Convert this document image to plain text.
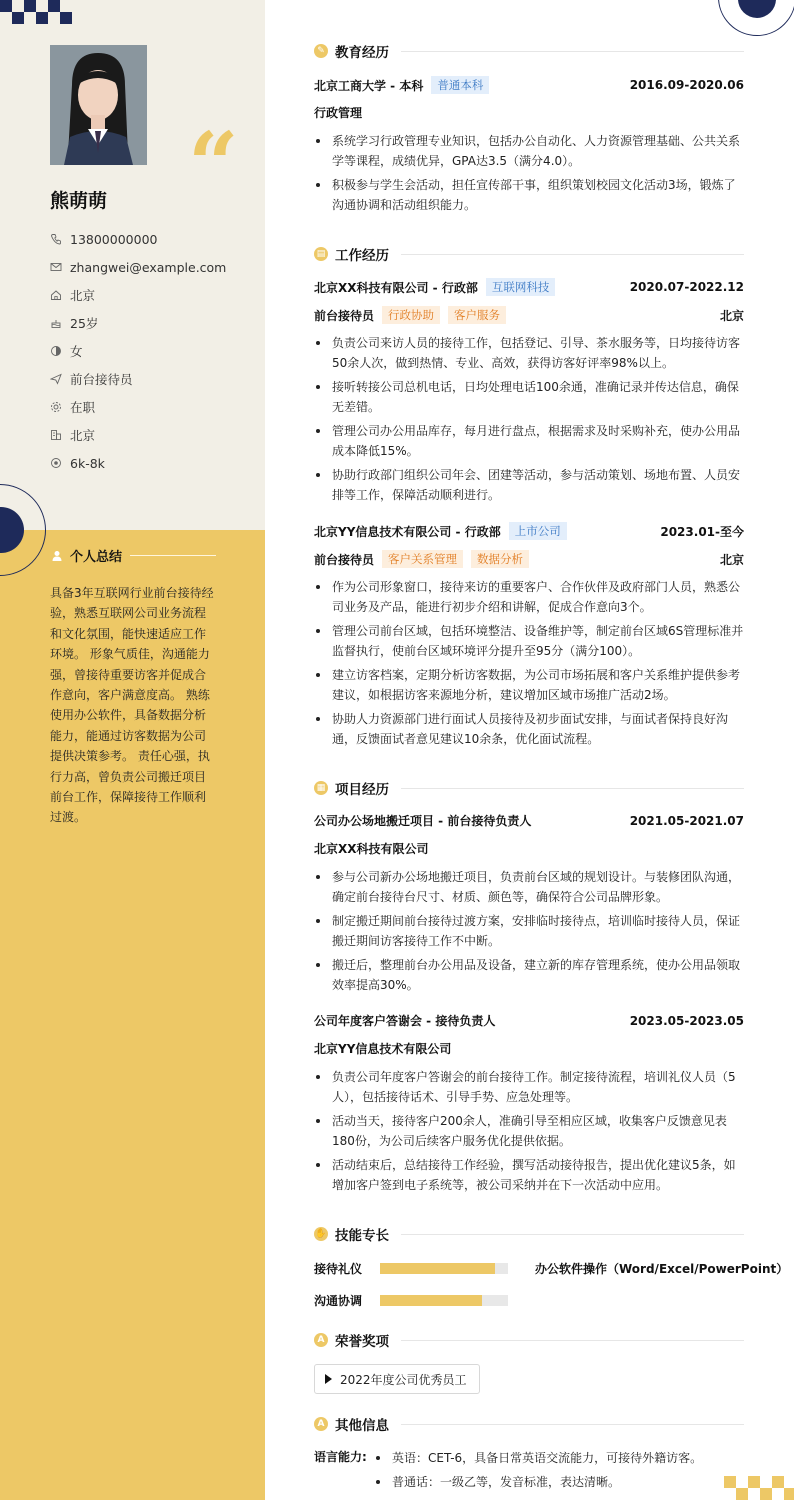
“
熊萌萌
13800000000
zhangwei@example.com
北京
25岁
女
前台接待员
在职
北京
6k-8k
个人总结
具备3年互联网行业前台接待经验，熟悉互联网公司业务流程和文化氛围，能快速适应工作环境。 形象气质佳，沟通能力强，曾接待重要访客并促成合作意向，客户满意度高。 熟练使用办公软件，具备数据分析能力，能通过访客数据为公司提供决策参考。 责任心强，执行力高，曾负责公司搬迁项目前台工作，保障接待工作顺利过渡。
✎ 教育经历
北京工商大学 - 本科	普通本科	2016.09-2020.06
行政管理
系统学习行政管理专业知识，包括办公自动化、人力资源管理基础、公共关系学等课程，成绩优异，GPA达3.5（满分4.0）。
积极参与学生会活动，担任宣传部干事，组织策划校园文化活动3场，锻炼了沟通协调和活动组织能力。
▤ 工作经历
北京XX科技有限公司 - 行政部	互联网科技	2020.07-2022.12
前台接待员	行政协助	客户服务	北京
负责公司来访人员的接待工作，包括登记、引导、茶水服务等，日均接待访客50余人次，做到热情、专业、高效，获得访客好评率98%以上。
接听转接公司总机电话，日均处理电话100余通，准确记录并传达信息，确保无差错。
管理公司办公用品库存，每月进行盘点，根据需求及时采购补充，使办公用品成本降低15%。
协助行政部门组织公司年会、团建等活动，参与活动策划、场地布置、人员安排等工作，保障活动顺利进行。
北京YY信息技术有限公司 - 行政部	上市公司	2023.01-至今
前台接待员	客户关系管理	数据分析	北京
作为公司形象窗口，接待来访的重要客户、合作伙伴及政府部门人员，熟悉公司业务及产品，能进行初步介绍和讲解，促成合作意向3个。
管理公司前台区域，包括环境整洁、设备维护等，制定前台区域6S管理标准并监督执行，使前台区域环境评分提升至95分（满分100）。
建立访客档案，定期分析访客数据，为公司市场拓展和客户关系维护提供参考建议，如根据访客来源地分析，建议增加区域市场推广活动2场。
协助人力资源部门进行面试人员接待及初步面试安排，与面试者保持良好沟通，反馈面试者意见建议10余条，优化面试流程。
▦ 项目经历
公司办公场地搬迁项目 - 前台接待负责人	2021.05-2021.07
北京XX科技有限公司
参与公司新办公场地搬迁项目，负责前台区域的规划设计。与装修团队沟通，确定前台接待台尺寸、材质、颜色等，确保符合公司品牌形象。
制定搬迁期间前台接待过渡方案，安排临时接待点，培训临时接待人员，保证搬迁期间访客接待工作不中断。
搬迁后，整理前台办公用品及设备，建立新的库存管理系统，使办公用品领取效率提高30%。
公司年度客户答谢会 - 接待负责人	2023.05-2023.05
北京YY信息技术有限公司
负责公司年度客户答谢会的前台接待工作。制定接待流程，培训礼仪人员（5人），包括接待话术、引导手势、应急处理等。
活动当天，接待客户200余人，准确引导至相应区域，收集客户反馈意见表180份，为公司后续客户服务优化提供依据。
活动结束后，总结接待工作经验，撰写活动接待报告，提出优化建议5条，如增加客户签到电子系统等，被公司采纳并在下一次活动中应用。
✋ 技能专长
接待礼仪	办公软件操作（Word/Excel/PowerPoint）
沟通协调
A 荣誉奖项
2022年度公司优秀员工
A 其他信息
语言能力:	英语：CET-6，具备日常英语交流能力，可接待外籍访客。
普通话：一级乙等，发音标准，表达清晰。
